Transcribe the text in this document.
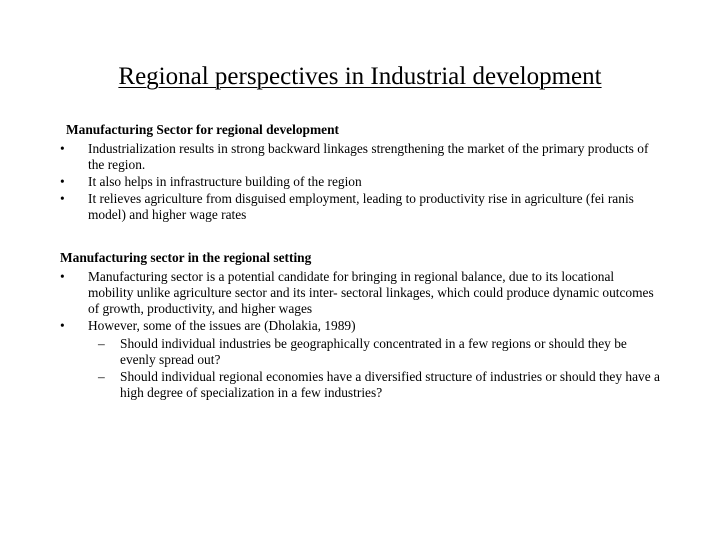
Regional perspectives in Industrial development
Manufacturing Sector for regional development
•	Industrialization results in strong backward linkages strengthening the market of the primary products of the region.
•	It also helps in infrastructure building of the region
•	It relieves agriculture from disguised employment, leading to productivity rise in agriculture (fei ranis model) and higher wage rates
Manufacturing sector in the regional setting
•	Manufacturing sector is a potential candidate for bringing in regional balance, due to its locational mobility unlike agriculture sector and its inter- sectoral linkages, which could produce dynamic outcomes of growth, productivity, and higher wages
•	However, some of the issues are (Dholakia, 1989)
– Should individual industries be geographically concentrated in a few regions or should they be evenly spread out?
– Should individual regional economies have a diversified structure of industries or should they have a high degree of specialization in a few industries?
